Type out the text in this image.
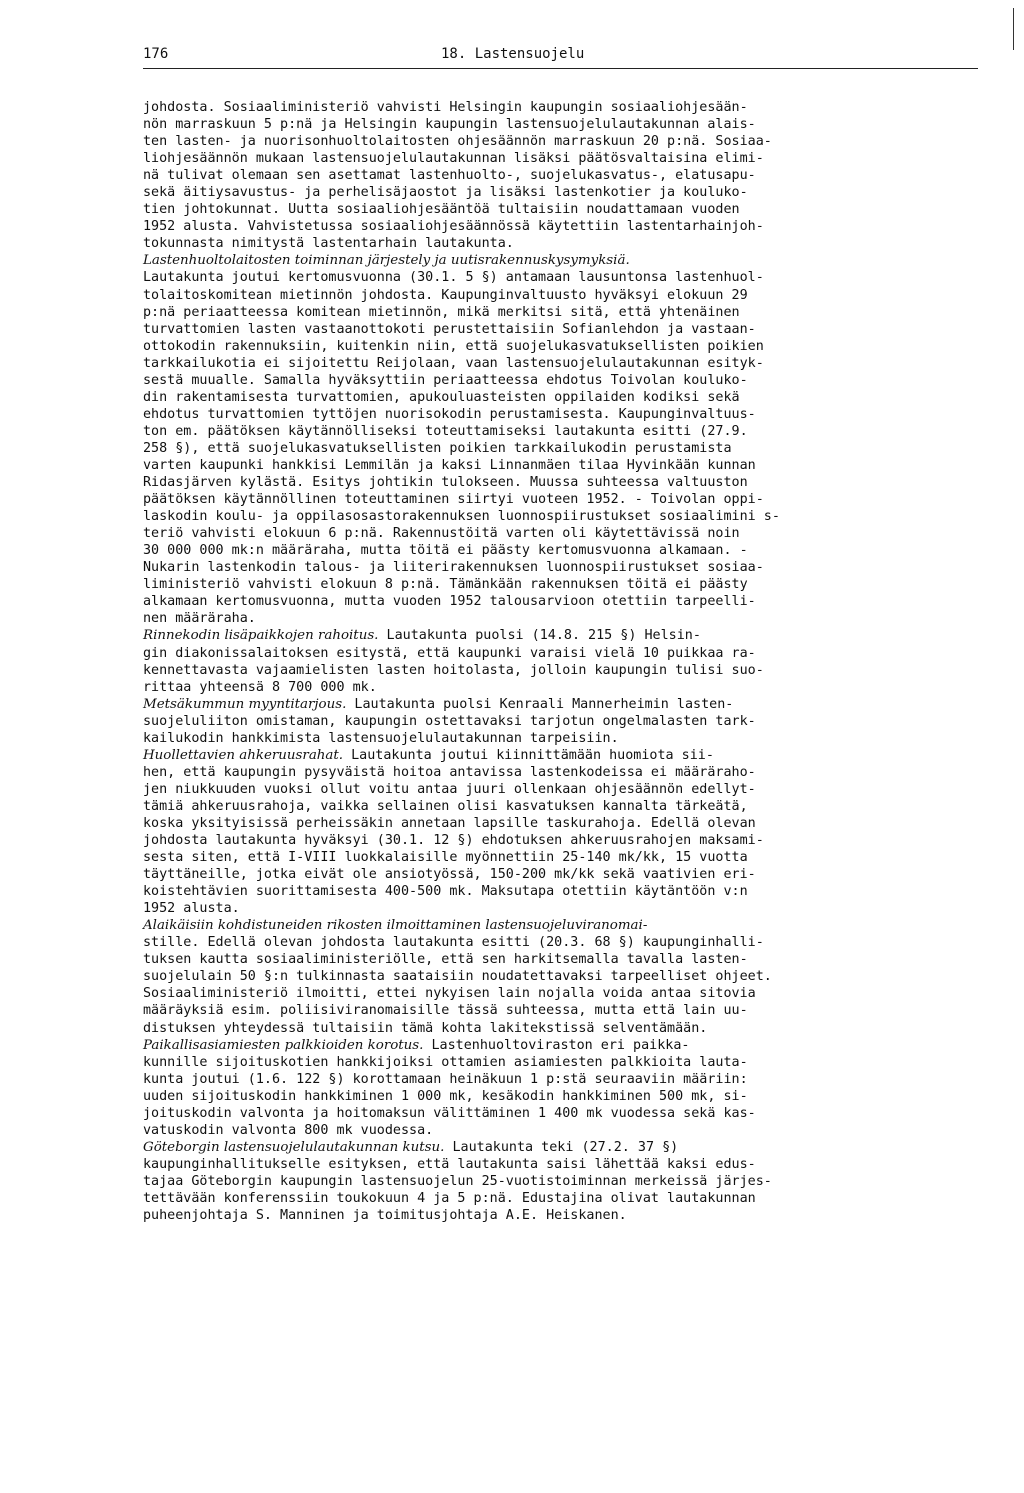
176	18. Lastensuojelu

johdosta. Sosiaaliministeriö vahvisti Helsingin kaupungin sosiaaliohjesään-

nön marraskuun 5 p:nä ja Helsingin kaupungin lastensuojelulautakunnan alais-

ten lasten- ja nuorisonhuoltolaitosten ohjesäännön marraskuun 20 p:nä. Sosiaa-

liohjesäännön mukaan lastensuojelulautakunnan lisäksi päätösvaltaisina elimi-

nä tulivat olemaan sen asettamat lastenhuolto-, suojelukasvatus-, elatusapu-

sekä äitiysavustus- ja perhelisäjaostot ja lisäksi lastenkotier ja kouluko-

tien johtokunnat. Uutta sosiaaliohjesääntöä tultaisiin noudattamaan vuoden

1952 alusta. Vahvistetussa sosiaaliohjesäännössä käytettiin lastentarhainjoh-

tokunnasta nimitystä lastentarhain lautakunta.

Lastenhuoltolaitosten toiminnan järjestely ja uutisrakennuskysymyksiä.

Lautakunta joutui kertomusvuonna (30.1. 5 §) antamaan lausuntonsa lastenhuol-

tolaitoskomitean mietinnön johdosta. Kaupunginvaltuusto hyväksyi elokuun 29

p:nä periaatteessa komitean mietinnön, mikä merkitsi sitä, että yhtenäinen

turvattomien lasten vastaanottokoti perustettaisiin Sofianlehdon ja vastaan-

ottokodin rakennuksiin, kuitenkin niin, että suojelukasvatuksellisten poikien

tarkkailukotia ei sijoitettu Reijolaan, vaan lastensuojelulautakunnan esityk-

sestä muualle. Samalla hyväksyttiin periaatteessa ehdotus Toivolan kouluko-

din rakentamisesta turvattomien, apukouluasteisten oppilaiden kodiksi sekä

ehdotus turvattomien tyttöjen nuorisokodin perustamisesta. Kaupunginvaltuus-

ton em. päätöksen käytännölliseksi toteuttamiseksi lautakunta esitti (27.9.

258 §), että suojelukasvatuksellisten poikien tarkkailukodin perustamista

varten kaupunki hankkisi Lemmilän ja kaksi Linnanmäen tilaa Hyvinkään kunnan

Ridasjärven kylästä. Esitys johtikin tulokseen. Muussa suhteessa valtuuston

päätöksen käytännöllinen toteuttaminen siirtyi vuoteen 1952. - Toivolan oppi-

laskodin koulu- ja oppilasosastorakennuksen luonnospiirustukset sosiaalimini s-

teriö vahvisti elokuun 6 p:nä. Rakennustöitä varten oli käytettävissä noin

30 000 000 mk:n määräraha, mutta töitä ei päästy kertomusvuonna alkamaan. -

Nukarin lastenkodin talous- ja liiterirakennuksen luonnospiirustukset sosiaa-

liministeriö vahvisti elokuun 8 p:nä. Tämänkään rakennuksen töitä ei päästy

alkamaan kertomusvuonna, mutta vuoden 1952 talousarvioon otettiin tarpeelli-

nen määräraha.

Rinnekodin lisäpaikkojen rahoitus. Lautakunta puolsi (14.8. 215 §) Helsin-

gin diakonissalaitoksen esitystä, että kaupunki varaisi vielä 10 puikkaa ra-

kennettavasta vajaamielisten lasten hoitolasta, jolloin kaupungin tulisi suo-

rittaa yhteensä 8 700 000 mk.

Metsäkummun myyntitarjous. Lautakunta puolsi Kenraali Mannerheimin lasten-

suojeluliiton omistaman, kaupungin ostettavaksi tarjotun ongelmalasten tark-

kailukodin hankkimista lastensuojelulautakunnan tarpeisiin.

Huollettavien ahkeruusrahat. Lautakunta joutui kiinnittämään huomiota sii-

hen, että kaupungin pysyväistä hoitoa antavissa lastenkodeissa ei määräraho-

jen niukkuuden vuoksi ollut voitu antaa juuri ollenkaan ohjesäännön edellyt-

tämiä ahkeruusrahoja, vaikka sellainen olisi kasvatuksen kannalta tärkeätä,

koska yksityisissä perheissäkin annetaan lapsille taskurahoja. Edellä olevan

johdosta lautakunta hyväksyi (30.1. 12 §) ehdotuksen ahkeruusrahojen maksami-

sesta siten, että I-VIII luokkalaisille myönnettiin 25-140 mk/kk, 15 vuotta

täyttäneille, jotka eivät ole ansiotyössä, 150-200 mk/kk sekä vaativien eri-

koistehtävien suorittamisesta 400-500 mk. Maksutapa otettiin käytäntöön v:n

1952 alusta.

Alaikäisiin kohdistuneiden rikosten ilmoittaminen lastensuojeluviranomai-

stille. Edellä olevan johdosta lautakunta esitti (20.3. 68 §) kaupunginhalli-

tuksen kautta sosiaaliministeriölle, että sen harkitsemalla tavalla lasten-

suojelulain 50 §:n tulkinnasta saataisiin noudatettavaksi tarpeelliset ohjeet.

Sosiaaliministeriö ilmoitti, ettei nykyisen lain nojalla voida antaa sitovia

määräyksiä esim. poliisiviranomaisille tässä suhteessa, mutta että lain uu-

distuksen yhteydessä tultaisiin tämä kohta lakitekstissä selventämään.

Paikallisasiamiesten palkkioiden korotus. Lastenhuoltoviraston eri paikka-

kunnille sijoituskotien hankkijoiksi ottamien asiamiesten palkkioita lauta-

kunta joutui (1.6. 122 §) korottamaan heinäkuun 1 p:stä seuraaviin määriin:

uuden sijoituskodin hankkiminen 1 000 mk, kesäkodin hankkiminen 500 mk, si-

joituskodin valvonta ja hoitomaksun välittäminen 1 400 mk vuodessa sekä kas-

vatuskodin valvonta 800 mk vuodessa.

Göteborgin lastensuojelulautakunnan kutsu. Lautakunta teki (27.2. 37 §)

kaupunginhallitukselle esityksen, että lautakunta saisi lähettää kaksi edus-

tajaa Göteborgin kaupungin lastensuojelun 25-vuotistoiminnan merkeissä järjes-

tettävään konferenssiin toukokuun 4 ja 5 p:nä. Edustajina olivat lautakunnan

puheenjohtaja S. Manninen ja toimitusjohtaja A.E. Heiskanen.
